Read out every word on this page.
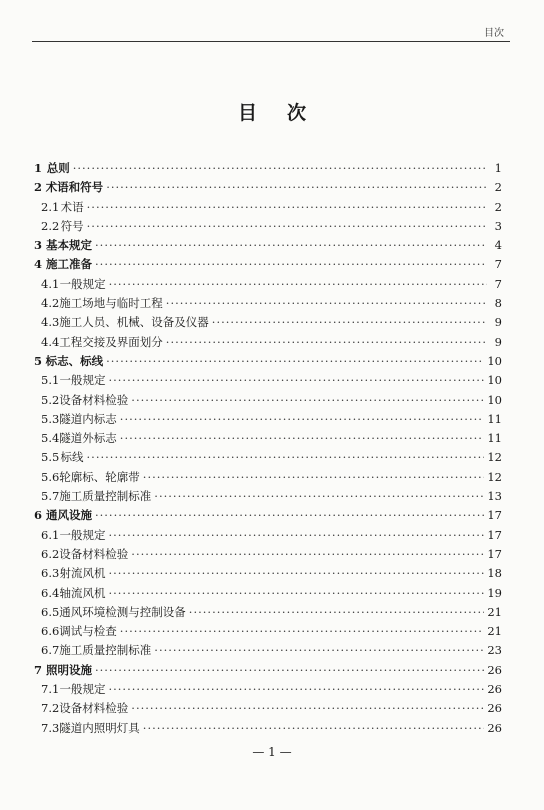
目次
目次
1 总则 ·····	1
2 术语和符号 ·····	2
2.1 术语 ·····	2
2.2 符号 ·····	3
3 基本规定 ·····	4
4 施工准备 ·····	7
4.1 一般规定 ·····	7
4.2 施工场地与临时工程 ·····	8
4.3 施工人员、机械、设备及仪器 ·····	9
4.4 工程交接及界面划分 ·····	9
5 标志、标线 ·····	10
5.1 一般规定 ·····	10
5.2 设备材料检验 ·····	10
5.3 隧道内标志 ·····	11
5.4 隧道外标志 ·····	11
5.5 标线 ·····	12
5.6 轮廓标、轮廓带 ·····	12
5.7 施工质量控制标准 ·····	13
6 通风设施 ·····	17
6.1 一般规定 ·····	17
6.2 设备材料检验 ·····	17
6.3 射流风机 ·····	18
6.4 轴流风机 ·····	19
6.5 通风环境检测与控制设备 ·····	21
6.6 调试与检查 ·····	21
6.7 施工质量控制标准 ·····	23
7 照明设施 ·····	26
7.1 一般规定 ·····	26
7.2 设备材料检验 ·····	26
7.3 隧道内照明灯具 ·····	26
— 1 —
